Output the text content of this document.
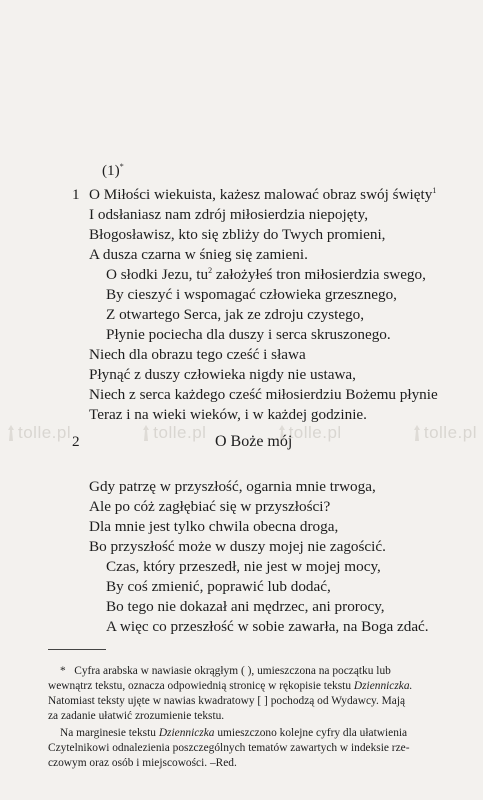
tolle.pl	tolle.pl	tolle.pl	tolle.pl
(1)*
1 O Miłości wiekuista, każesz malować obraz swój święty$^1$
I odsłaniasz nam zdrój miłosierdzia niepojęty,
Błogosławisz, kto się zbliży do Twych promieni,
A dusza czarna w śnieg się zamieni.
O słodki Jezu, $tu^2$ założyłeś tron miłosierdzia swego,
By cieszyć i wspomagać człowieka grzesznego,
Z otwartego Serca, jak ze zdroju czystego,
Płynie pociecha dla duszy i serca skruszonego.
Niech dla obrazu tego cześć i sława
Płynąć z duszy człowieka nigdy nie ustawa,
Niech z serca każdego cześć miłosierdziu Bożemu płynie
Teraz i na wieki wieków, i w każdej godzinie.
2	O Boże mój
Gdy patrzę w przyszłość, ogarnia mnie trwoga,
Ale po cóż zagłębiać się w przyszłości?
Dla mnie jest tylko chwila obecna droga,
Bo przyszłość może w duszy mojej nie zagościć.
Czas, który przeszedł, nie jest w mojej mocy,
By coś zmienić, poprawić lub dodać,
Bo tego nie dokazał ani mędrzec, ani prorocy,
A więc co przeszłość w sobie zawarła, na Boga zdać.
* Cyfra arabska w nawiasie okrągłym ( ), umieszczona na początku lub
wewnątrz tekstu, oznacza odpowiednią stronicę w rękopisie tekstu Dzienniczka.
Natomiast teksty ujęte w nawias kwadratowy [ ] pochodzą od Wydawcy. Mają
za zadanie ułatwić zrozumienie tekstu.
Na marginesie tekstu Dzienniczka umieszczono kolejne cyfry dla ułatwienia
Czytelnikowi odnalezienia poszczególnych tematów zawartych w indeksie rze-
czowym oraz osób i miejscowości. –Red.
